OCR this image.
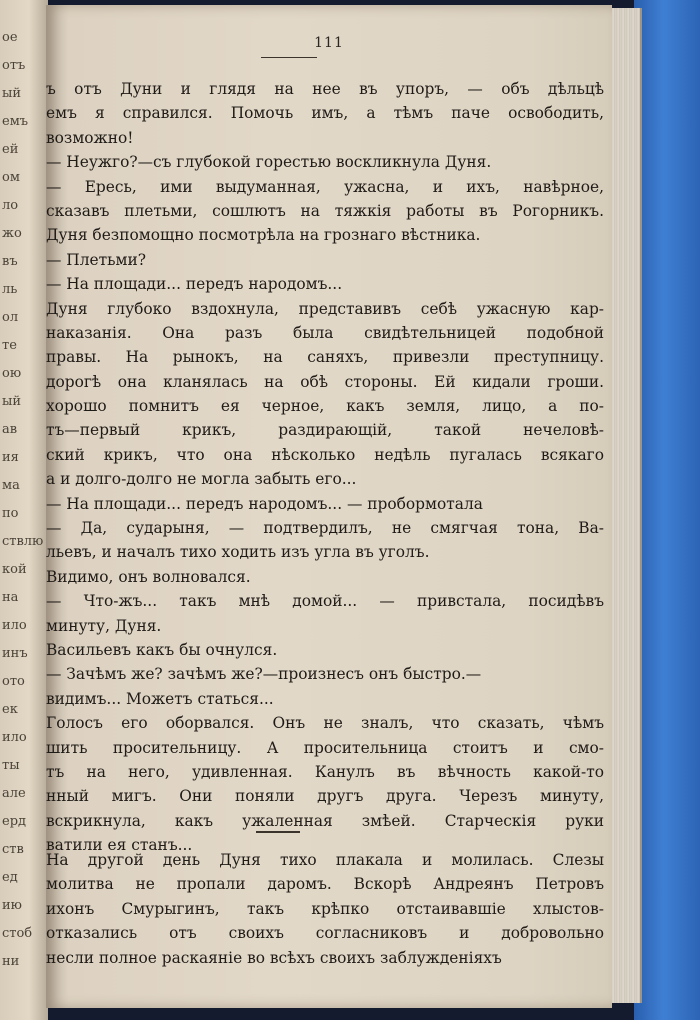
ое
отъ
ый
емъ
ей
ом
ло
жо
въ
ль
ол
те
ою
ый
ав
ия
ма
по
ствлю
кой
на
ило
инъ
ото
ек
ило
ты
але
ерд
ств
ед
ию
стоб
ни
111
ъ отъ Дуни и глядя на нее въ упоръ, — объ дѣльцѣ
емъ я справился. Помочь имъ, а тѣмъ паче освободить,
возможно!
— Неужго?—съ глубокой горестью воскликнула Дуня.
— Ересь, ими выдуманная, ужасна, и ихъ, навѣрное,
сказавъ плетьми, сошлютъ на тяжкія работы въ Рогорникъ.
Дуня безпомощно посмотрѣла на грознаго вѣстника.
— Плетьми?
— На площади... передъ народомъ...
Дуня глубоко вздохнула, представивъ себѣ ужасную кар-
наказанія. Она разъ была свидѣтельницей подобной
правы. На рынокъ, на саняхъ, привезли преступницу.
дорогѣ она кланялась на обѣ стороны. Ей кидали гроши.
хорошо помнитъ ея черное, какъ земля, лицо, а по-
тъ—первый крикъ, раздирающій, такой нечеловѣ-
ский крикъ, что она нѣсколько недѣль пугалась всякаго
а и долго-долго не могла забыть его...
— На площади... передъ народомъ... — пробормотала
— Да, сударыня, — подтвердилъ, не смягчая тона, Ва-
льевъ, и началъ тихо ходить изъ угла въ уголъ.
Видимо, онъ волновался.
— Что-жъ... такъ мнѣ домой... — привстала, посидѣвъ
минуту, Дуня.
Васильевъ какъ бы очнулся.
— Зачѣмъ же? зачѣмъ же?—произнесъ онъ быстро.—
видимъ... Можетъ статься...
Голосъ его оборвался. Онъ не зналъ, что сказать, чѣмъ
шить просительницу. А просительница стоитъ и смо-
тъ на него, удивленная. Канулъ въ вѣчность какой-то
нный мигъ. Они поняли другъ друга. Черезъ минуту,
вскрикнула, какъ ужаленная змѣей. Старческія руки
ватили ея станъ...
На другой день Дуня тихо плакала и молилась. Слезы
молитва не пропали даромъ. Вскорѣ Андреянъ Петровъ
ихонъ Смурыгинъ, такъ крѣпко отстаивавшіе хлыстов-
отказались отъ своихъ согласниковъ и добровольно
несли полное раскаяніе во всѣхъ своихъ заблужденіяхъ
